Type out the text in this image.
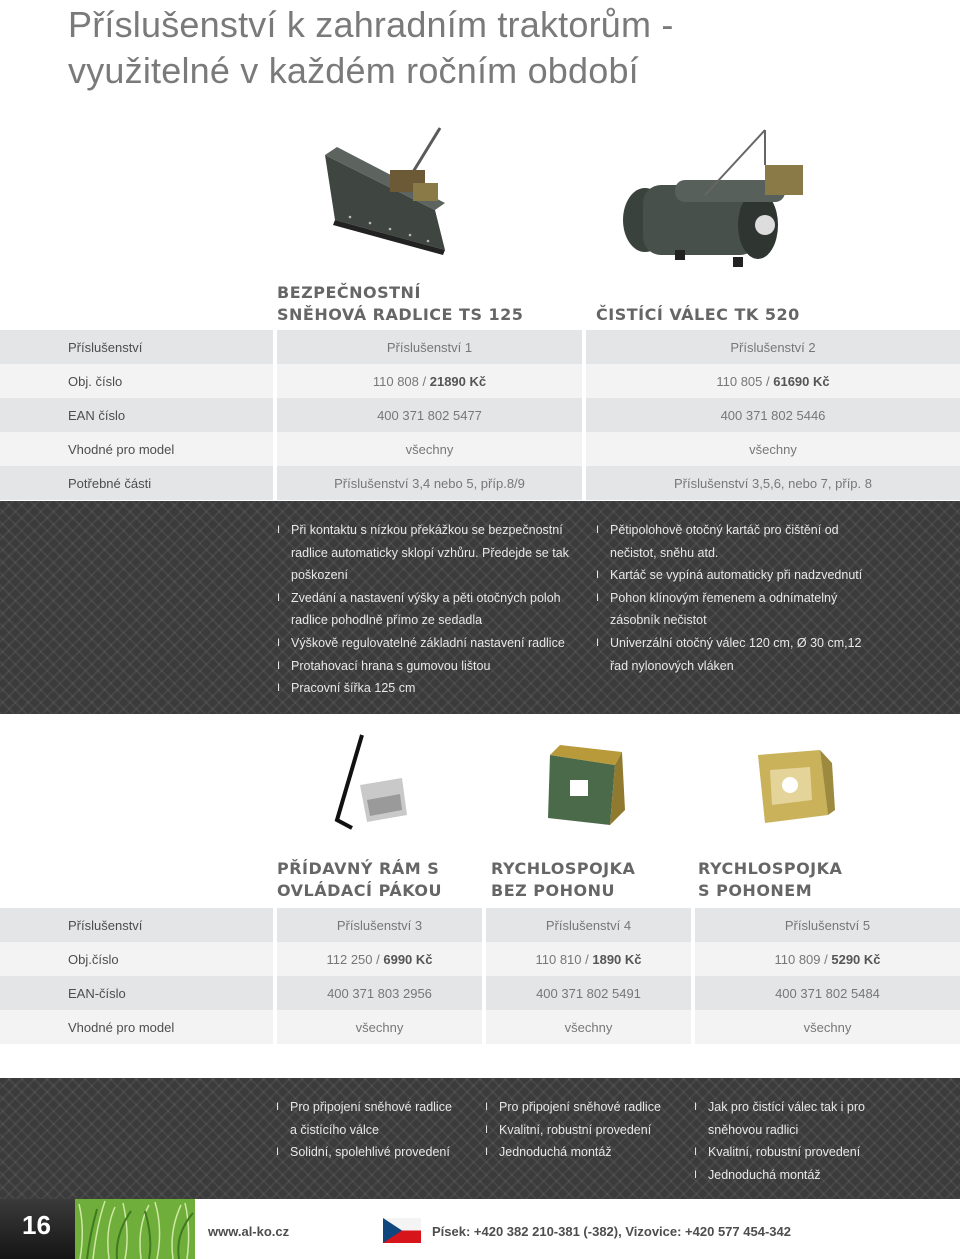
Příslušenství k zahradním traktorům -
využitelné v každém ročním období
BEZPEČNOSTNÍ
SNĚHOVÁ RADLICE TS 125	ČISTÍCÍ VÁLEC TK 520
Příslušenství	Příslušenství 1	Příslušenství 2
Obj. číslo	110 808 / 21890 Kč	110 805 / 61690 Kč
EAN číslo	400 371 802 5477	400 371 802 5446
Vhodné pro model	všechny	všechny
Potřebné části	Příslušenství 3,4 nebo 5, příp.8/9	Příslušenství 3,5,6, nebo 7, příp. 8
I Při kontaktu s nízkou překážkou se bezpečnostní radlice automaticky sklopí vzhůru. Předejde se tak poškození
I Zvedání a nastavení výšky a pěti otočných poloh radlice pohodlně přímo ze sedadla
I Výškově regulovatelné základní nastavení radlice
I Protahovací hrana s gumovou lištou
I Pracovní šířka 125 cm
I Pětipolohově otočný kartáč pro čištění od nečistot, sněhu atd.
I Kartáč se vypíná automaticky při nadzvednutí
I Pohon klínovým řemenem a odnímatelný zásobník nečistot
I Univerzální otočný válec 120 cm, Ø 30 cm,12 řad nylonových vláken
PŘÍDAVNÝ RÁM S
OVLÁDACÍ PÁKOU
RYCHLOSPOJKA
BEZ POHONU
RYCHLOSPOJKA
S POHONEM
Příslušenství	Příslušenství 3	Příslušenství 4	Příslušenství 5
Obj.číslo	112 250 / 6990 Kč	110 810 / 1890 Kč	110 809 / 5290 Kč
EAN-číslo	400 371 803 2956	400 371 802 5491	400 371 802 5484
Vhodné pro model	všechny	všechny	všechny
I Pro připojení sněhové radlice a čistícího válce
I Solidní, spolehlivé provedení
I Pro připojení sněhové radlice
I Kvalitní, robustní provedení
I Jednoduchá montáž
I Jak pro čistící válec tak i pro sněhovou radlici
I Kvalitní, robustní provedení
I Jednoduchá montáž
16	www.al-ko.cz	Písek: +420 382 210-381 (-382), Vizovice: +420 577 454-342
